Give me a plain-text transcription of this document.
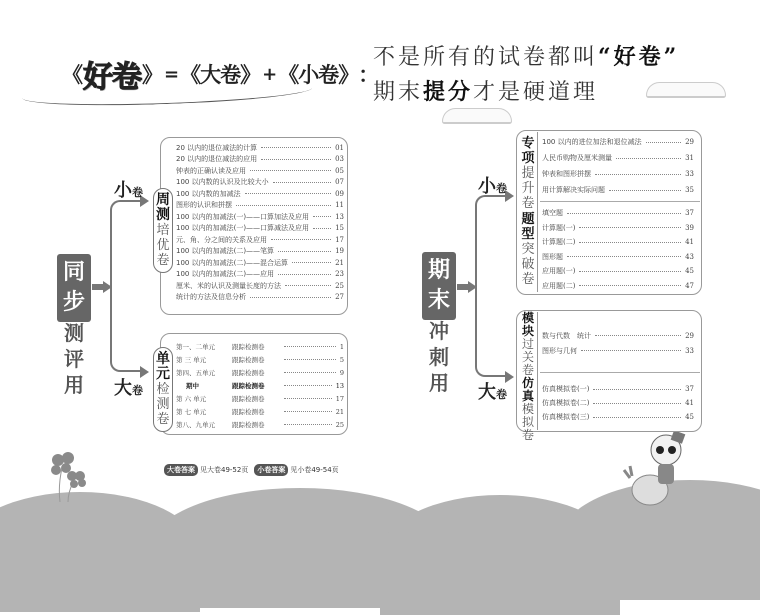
《 好卷 》 = 《 大卷 》 + 《 小卷 》 ：
不是所有的试卷都叫“好卷”
期末提分才是硬道理
同
步
测
评
用
小卷
大卷
周
测
培
优
卷
20 以内的退位减法的计算	01
20 以内的退位减法的应用	03
钟表的正确认读及应用	05
100 以内数的认识及比较大小	07
100 以内数的加减法	09
图形的认识和拼摆	11
100 以内的加减法(一)——口算加法及应用	13
100 以内的加减法(一)——口算减法及应用	15
元、角、分之间的关系及应用	17
100 以内的加减法(二)——笔算	19
100 以内的加减法(二)——混合运算	21
100 以内的加减法(二)——应用	23
厘米、米的认识及测量长度的方法	25
统计的方法及信息分析	27
单
元
检
测
卷
第一、二单元	跟踪检测卷	1
第 三 单元	跟踪检测卷	5
第四、五单元	跟踪检测卷	9
期中	跟踪检测卷	13
第 六 单元	跟踪检测卷	17
第 七 单元	跟踪检测卷	21
第八、九单元	跟踪检测卷	25
大卷答案 见大卷49-52页	小卷答案 见小卷49-54页
期
末
冲
刺
用
小卷
大卷
专
项
提
升
卷
题
型
突
破
卷
100 以内的进位加法和退位减法	29
人民币购物及厘米测量	31
钟表和图形拼摆	33
用计算解决实际问题	35
填空题	37
计算题(一)	39
计算题(二)	41
图形题	43
应用题(一)	45
应用题(二)	47
模
块
过
关
卷
仿
真
模
拟
卷
数与代数　统计	29
图形与几何	33
仿真模拟卷(一)	37
仿真模拟卷(二)	41
仿真模拟卷(三)	45
